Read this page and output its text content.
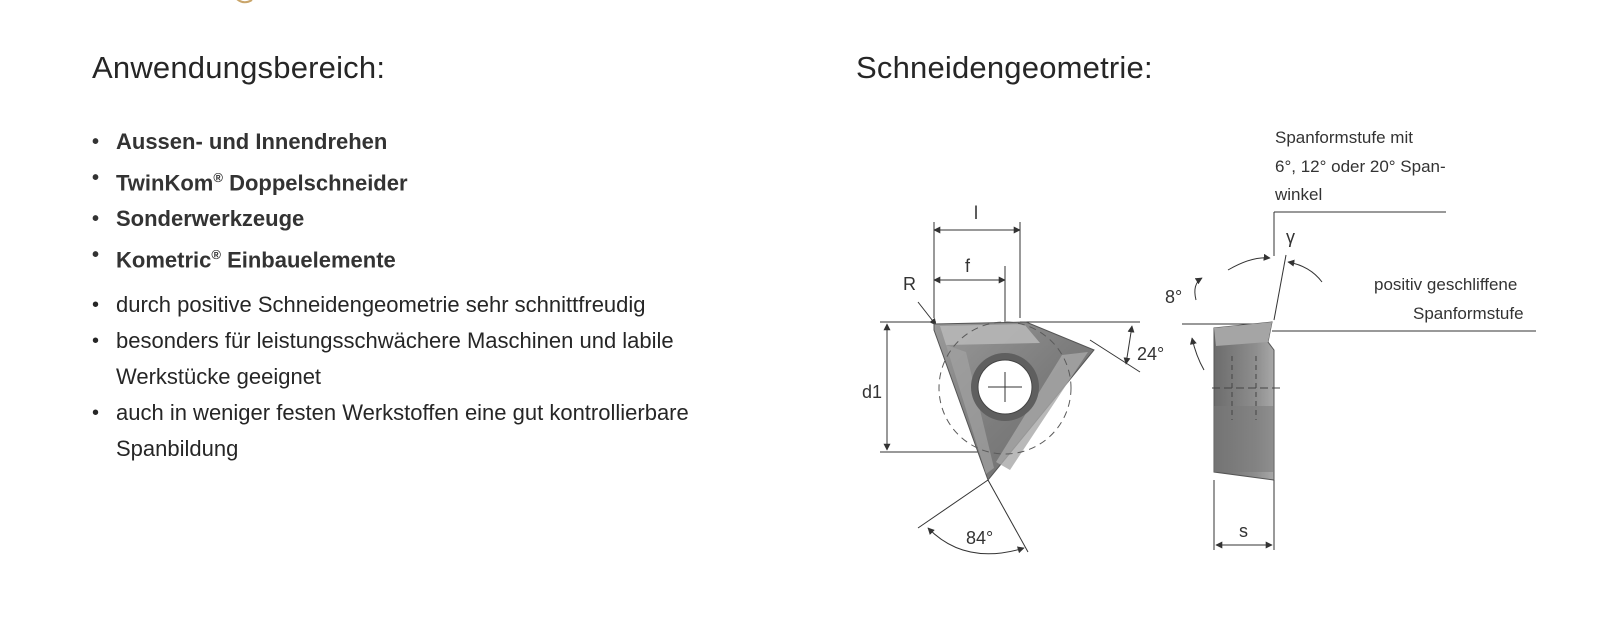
Anwendungsbereich:
• Aussen- und Innendrehen
• TwinKom® Doppelschneider
• Sonderwerkzeuge
• Kometric® Einbauelemente
• durch positive Schneidengeometrie sehr schnittfreudig
• besonders für leistungsschwächere Maschinen und labile Werkstücke geeignet
• auch in weniger festen Werkstoffen eine gut kontrollierbare Spanbildung
Schneidengeometrie:
l
f
R
d1
24°
84°
Spanformstufe mit
6°, 12° oder 20° Span-
winkel
γ
8°
positiv geschliffene
Spanformstufe
s
